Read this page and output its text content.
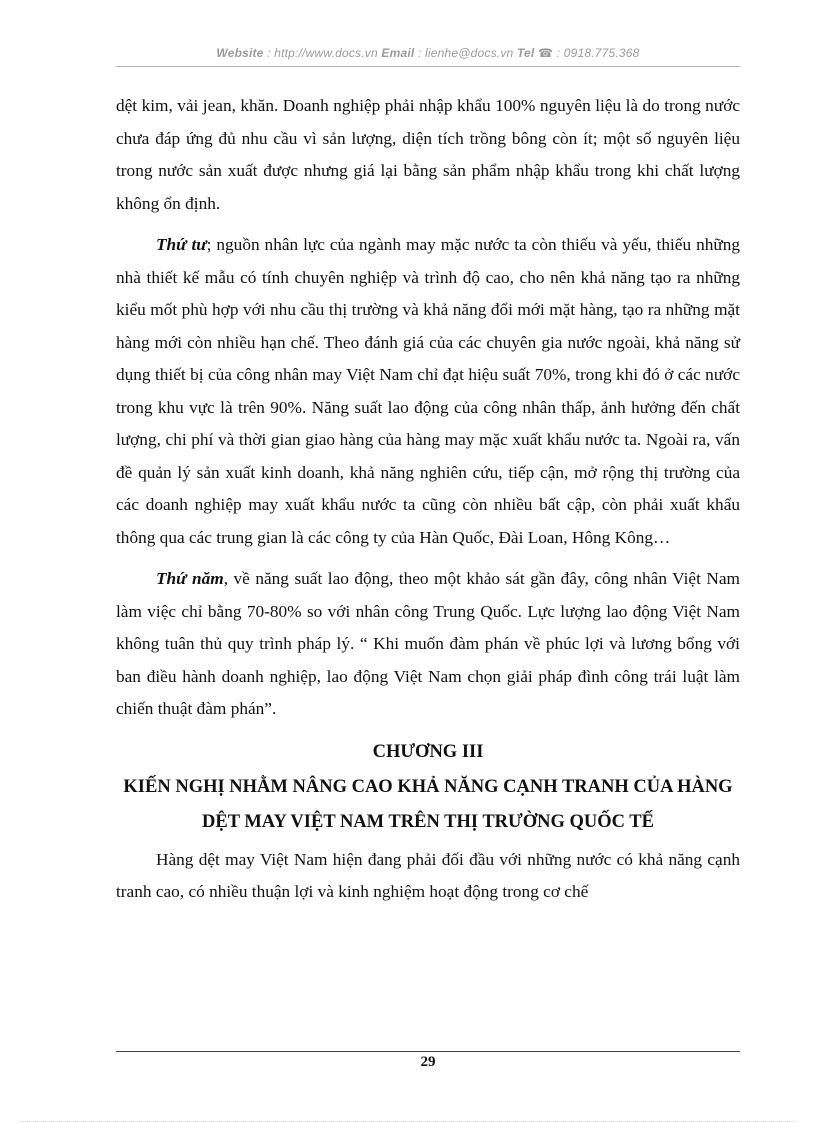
Website : http://www.docs.vn Email : lienhe@docs.vn Tel ☎ : 0918.775.368

dệt kim, vải jean, khăn. Doanh nghiệp phải nhập khẩu 100% nguyên liệu là do trong nước chưa đáp ứng đủ nhu cầu vì sản lượng, diện tích trồng bông còn ít; một số nguyên liệu trong nước sản xuất được nhưng giá lại bằng sản phẩm nhập khẩu trong khi chất lượng không ổn định.

Thứ tư; nguồn nhân lực của ngành may mặc nước ta còn thiếu và yếu, thiếu những nhà thiết kế mẫu có tính chuyên nghiệp và trình độ cao, cho nên khả năng tạo ra những kiểu mốt phù hợp với nhu cầu thị trường và khả năng đổi mới mặt hàng, tạo ra những mặt hàng mới còn nhiều hạn chế. Theo đánh giá của các chuyên gia nước ngoài, khả năng sử dụng thiết bị của công nhân may Việt Nam chỉ đạt hiệu suất 70%, trong khi đó ở các nước trong khu vực là trên 90%. Năng suất lao động của công nhân thấp, ảnh hưởng đến chất lượng, chi phí và thời gian giao hàng của hàng may mặc xuất khẩu nước ta. Ngoài ra, vấn đề quản lý sản xuất kinh doanh, khả năng nghiên cứu, tiếp cận, mở rộng thị trường của các doanh nghiệp may xuất khẩu nước ta cũng còn nhiều bất cập, còn phải xuất khẩu thông qua các trung gian là các công ty của Hàn Quốc, Đài Loan, Hông Kông…

Thứ năm, về năng suất lao động, theo một khảo sát gần đây, công nhân Việt Nam làm việc chỉ bằng 70-80% so với nhân công Trung Quốc. Lực lượng lao động Việt Nam không tuân thủ quy trình pháp lý. “ Khi muốn đàm phán về phúc lợi và lương bổng với ban điều hành doanh nghiệp, lao động Việt Nam chọn giải pháp đình công trái luật làm chiến thuật đàm phán”.

CHƯƠNG III
KIẾN NGHỊ NHẰM NÂNG CAO KHẢ NĂNG CẠNH TRANH CỦA HÀNG DỆT MAY VIỆT NAM TRÊN THỊ TRƯỜNG QUỐC TẾ

Hàng dệt may Việt Nam hiện đang phải đối đầu với những nước có khả năng cạnh tranh cao, có nhiều thuận lợi và kinh nghiệm hoạt động trong cơ chế

29
